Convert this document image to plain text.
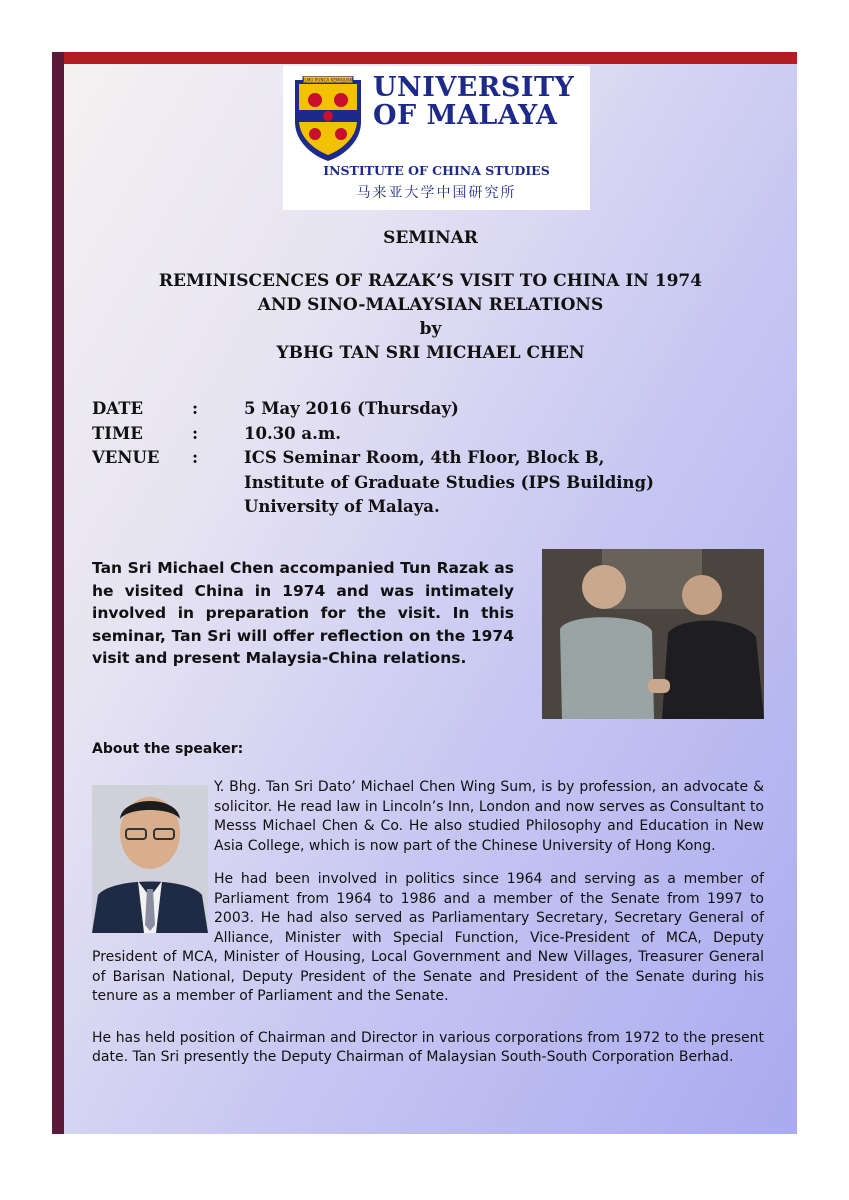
ILMU PUNCA KEMAJUAN UNIVERSITY
OF MALAYA
INSTITUTE OF CHINA STUDIES
马来亚大学中国研究所
SEMINAR
REMINISCENCES OF RAZAK’S VISIT TO CHINA IN 1974
AND SINO-MALAYSIAN RELATIONS
by
YBHG TAN SRI MICHAEL CHEN
DATE	:	5 May 2016 (Thursday)
TIME	:	10.30 a.m.
VENUE	:	ICS Seminar Room, 4th Floor, Block B,
Institute of Graduate Studies (IPS Building)
University of Malaya.
Tan Sri Michael Chen accompanied Tun Razak as he visited China in 1974 and was intimately involved in preparation for the visit. In this seminar, Tan Sri will offer reflection on the 1974 visit and present Malaysia-China relations.
About the speaker:

Y. Bhg. Tan Sri Dato’ Michael Chen Wing Sum, is by profession, an advocate & solicitor. He read law in Lincoln’s Inn, London and now serves as Consultant to Messs Michael Chen & Co. He also studied Philosophy and Education in New Asia College, which is now part of the Chinese University of Hong Kong.

He had been involved in politics since 1964 and serving as a member of Parliament from 1964 to 1986 and a member of the Senate from 1997 to 2003. He had also served as Parliamentary Secretary, Secretary General of Alliance, Minister with Special Function, Vice-President of MCA, Deputy President of MCA, Minister of Housing, Local Government and New Villages, Treasurer General of Barisan National, Deputy President of the Senate and President of the Senate during his tenure as a member of Parliament and the Senate.

He has held position of Chairman and Director in various corporations from 1972 to the present date. Tan Sri presently the Deputy Chairman of Malaysian South-South Corporation Berhad.
